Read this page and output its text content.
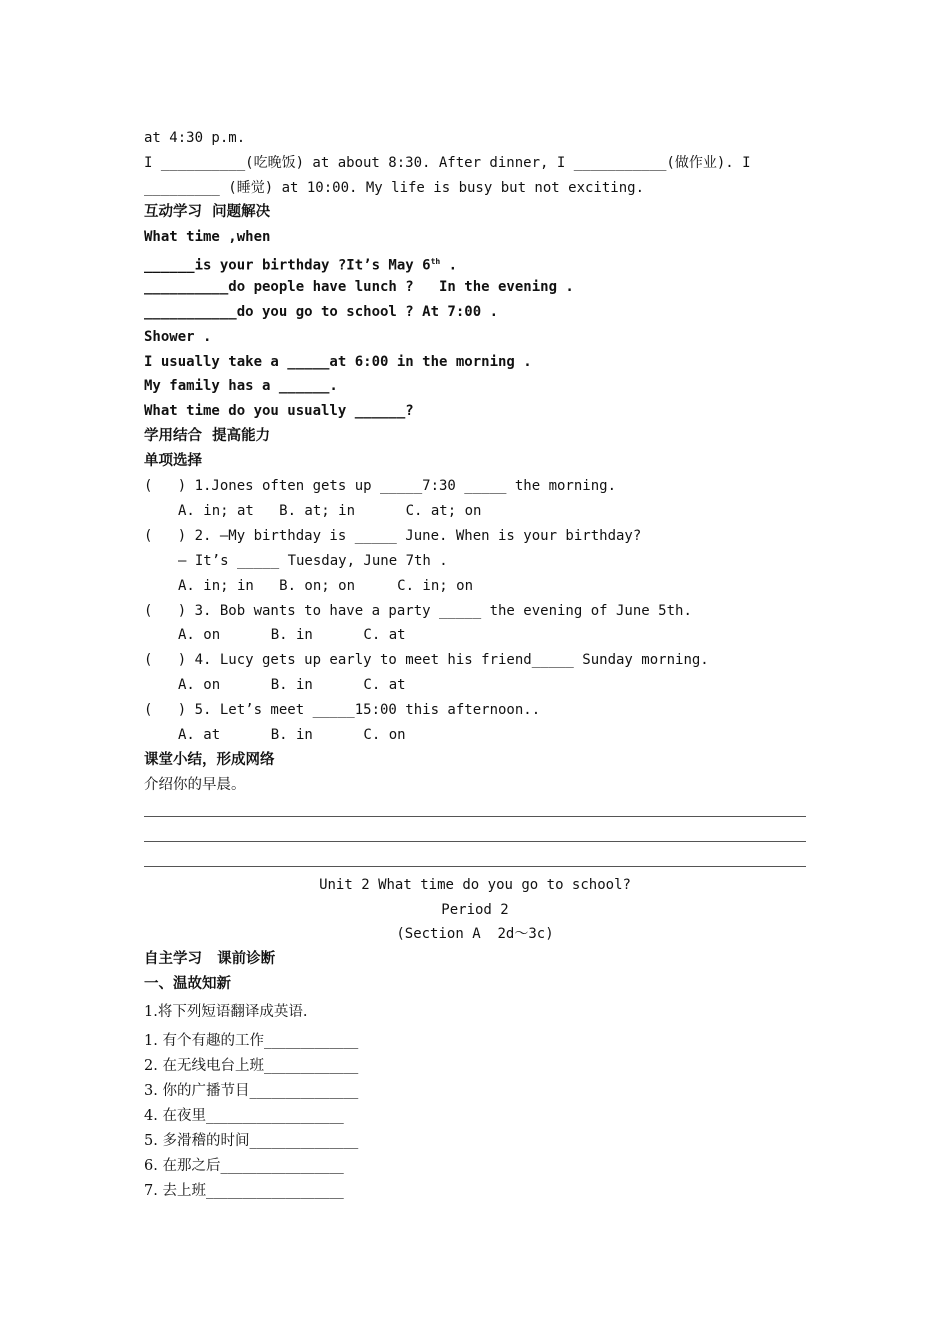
at 4:30 p.m.
I __________(吃晚饭) at about 8:30. After dinner, I ___________(做作业). I
_________ (睡觉) at 10:00. My life is busy but not exciting.
互动学习  问题解决
What time ,when
______is your birthday ?It’s May 6th .
__________do people have lunch ?   In the evening .
___________do you go to school ? At 7:00 .
Shower .
I usually take a _____at 6:00 in the morning .
My family has a ______.
What time do you usually ______?
学用结合  提高能力
单项选择
(   ) 1.Jones often gets up _____7:30 _____ the morning.
A. in; at   B. at; in      C. at; on
(   ) 2. —My birthday is _____ June. When is your birthday?
— It’s _____ Tuesday, June 7th .
A. in; in   B. on; on     C. in; on
(   ) 3. Bob wants to have a party _____ the evening of June 5th.
A. on      B. in      C. at
(   ) 4. Lucy gets up early to meet his friend_____ Sunday morning.
A. on      B. in      C. at
(   ) 5. Let’s meet _____15:00 this afternoon..
A. at      B. in      C. on
课堂小结，形成网络
介绍你的早晨。
Unit 2 What time do you go to school?
Period 2
(Section A  2d～3c)
自主学习   课前诊断
一、温故知新
1.将下列短语翻译成英语.
1. 有个有趣的工作_____________
2. 在无线电台上班_____________
3. 你的广播节目_______________
4. 在夜里___________________
5. 多滑稽的时间_______________
6. 在那之后_________________
7. 去上班___________________
